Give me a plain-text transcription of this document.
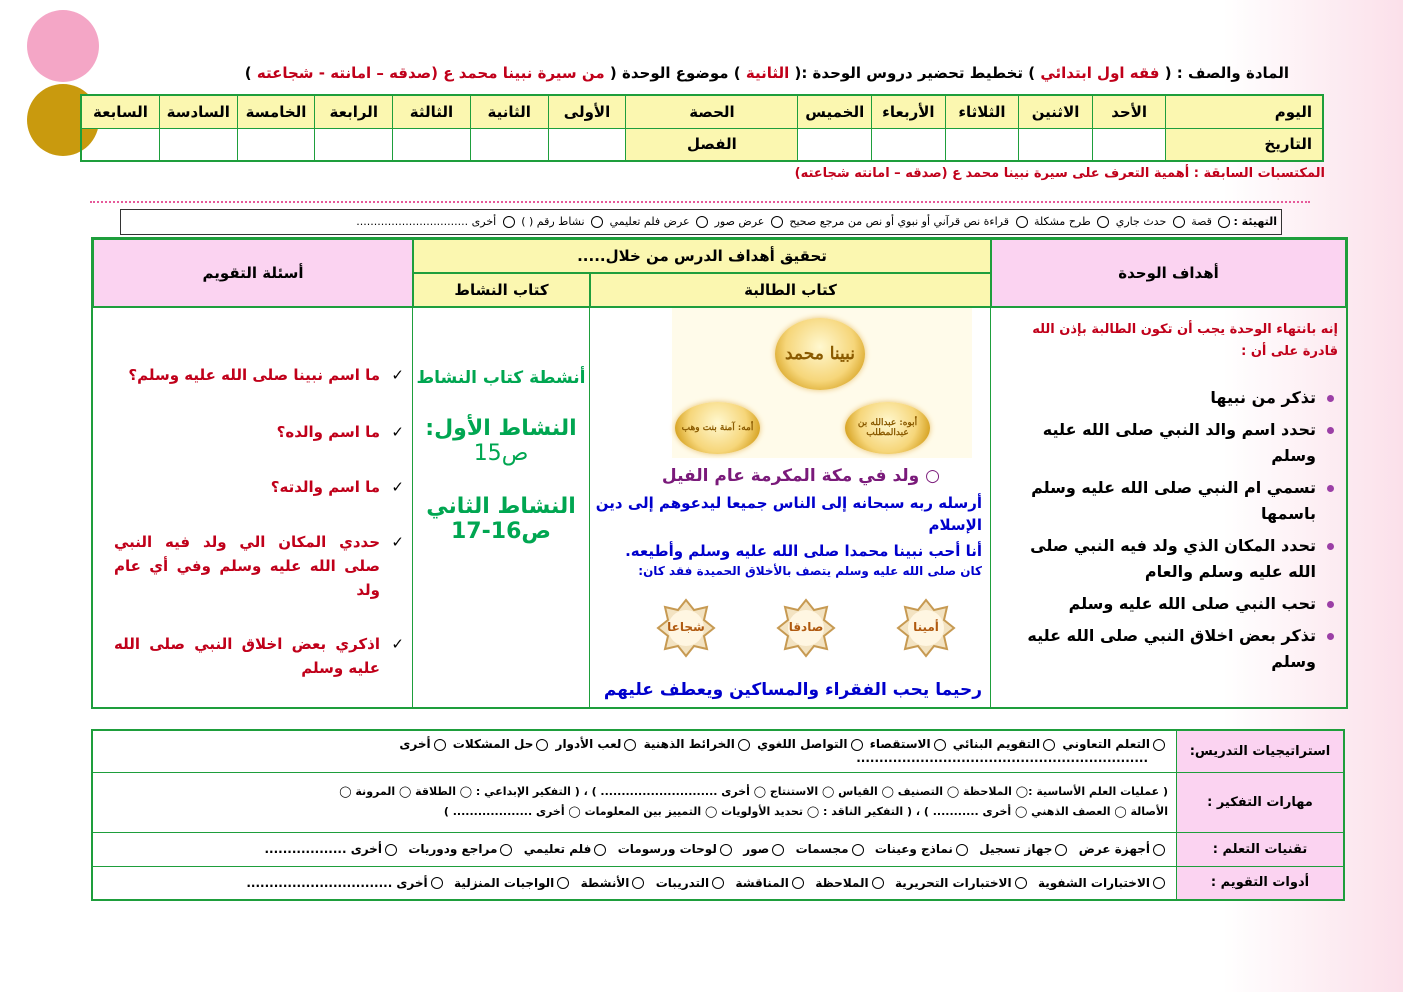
المادة والصف : ( فقه اول ابتدائي ) تخطيط تحضير دروس الوحدة :( الثانية ) موضوع الوحدة ( من سيرة نبينا محمد ع (صدقه – امانته - شجاعته )
اليوم	الأحد	الاثنين	الثلاثاء	الأربعاء	الخميس	الحصة	الأولى	الثانية	الثالثة	الرابعة	الخامسة	السادسة	السابعة
التاريخ						الفصل							
المكتسبات السابقة : أهمية التعرف على سيرة نبينا محمد ع (صدقه – امانته شجاعته)
التهيئة : قصة  حدث جاري  طرح مشكلة  قراءة نص قرآني أو نبوي أو نص من مرجع صحيح  عرض صور  عرض فلم تعليمي  نشاط رقم ( )  أخرى ................................
أهداف الوحدة
تحقيق أهداف الدرس من خلال.....
كتاب الطالبة
كتاب النشاط
أسئلة التقويم
إنه بانتهاء الوحدة يجب أن تكون الطالبة بإذن الله قادرة على أن :
تذكر من نبيها
تحدد اسم والد النبي صلى الله عليه وسلم
تسمي ام النبي صلى الله عليه وسلم باسمها
تحدد المكان الذي ولد فيه النبي صلى الله عليه وسلم والعام
تحب النبي صلى الله عليه وسلم
تذكر بعض اخلاق النبي صلى الله عليه وسلم
نبينا محمد
أبوه: عبدالله بن عبدالمطلب
أمه: آمنة بنت وهب
○ ولد في مكة المكرمة عام الفيل
أرسله ربه سبحانه إلى الناس جميعا ليدعوهم إلى دين الإسلام
أنا أحب نبينا محمدا صلى الله عليه وسلم وأطيعه.
كان صلى الله عليه وسلم يتصف بالأخلاق الحميدة فقد كان:
أمينا
صادقا
شجاعا
رحيما يحب الفقراء والمساكين ويعطف عليهم
أنشطة كتاب النشاط
النشاط الأول:
ص15
النشاط الثاني
ص16-17
✓
ما اسم نبينا صلى الله عليه وسلم؟
✓
ما اسم والده؟
✓
ما اسم والدته؟
✓
حددي المكان الي ولد فيه النبي صلى الله عليه وسلم وفي أي عام ولد
✓
اذكري بعض اخلاق النبي صلى الله عليه وسلم
استراتيجيات التدريس:	التعلم التعاوني التقويم البنائي الاستقصاء التواصل اللغوي الخرائط الذهنية لعب الأدوار حل المشكلات أخرى
................................................................
مهارات التفكير :	( عمليات العلم الأساسية :◯ الملاحظة ◯ التصنيف ◯ القياس ◯ الاستنتاج ◯ أخرى ............................ ) ، ( التفكير الإبداعي : ◯ الطلاقة ◯ المرونة ◯
الأصالة ◯ العصف الذهني ◯ أخرى ........... ) ، ( التفكير الناقد : ◯ تحديد الأولويات ◯ التمييز بين المعلومات ◯ أخرى ................... )

تقنيات التعلم :	أجهزة عرض  جهاز تسجيل  نماذج وعينات  مجسمات  صور  لوحات ورسومات  فلم تعليمي  مراجع ودوريات  أخرى ..................
أدوات التقويم :	الاختبارات الشفوية  الاختبارات التحريرية  الملاحظة  المناقشة  التدريبات  الأنشطة  الواجبات المنزلية  أخرى ................................
